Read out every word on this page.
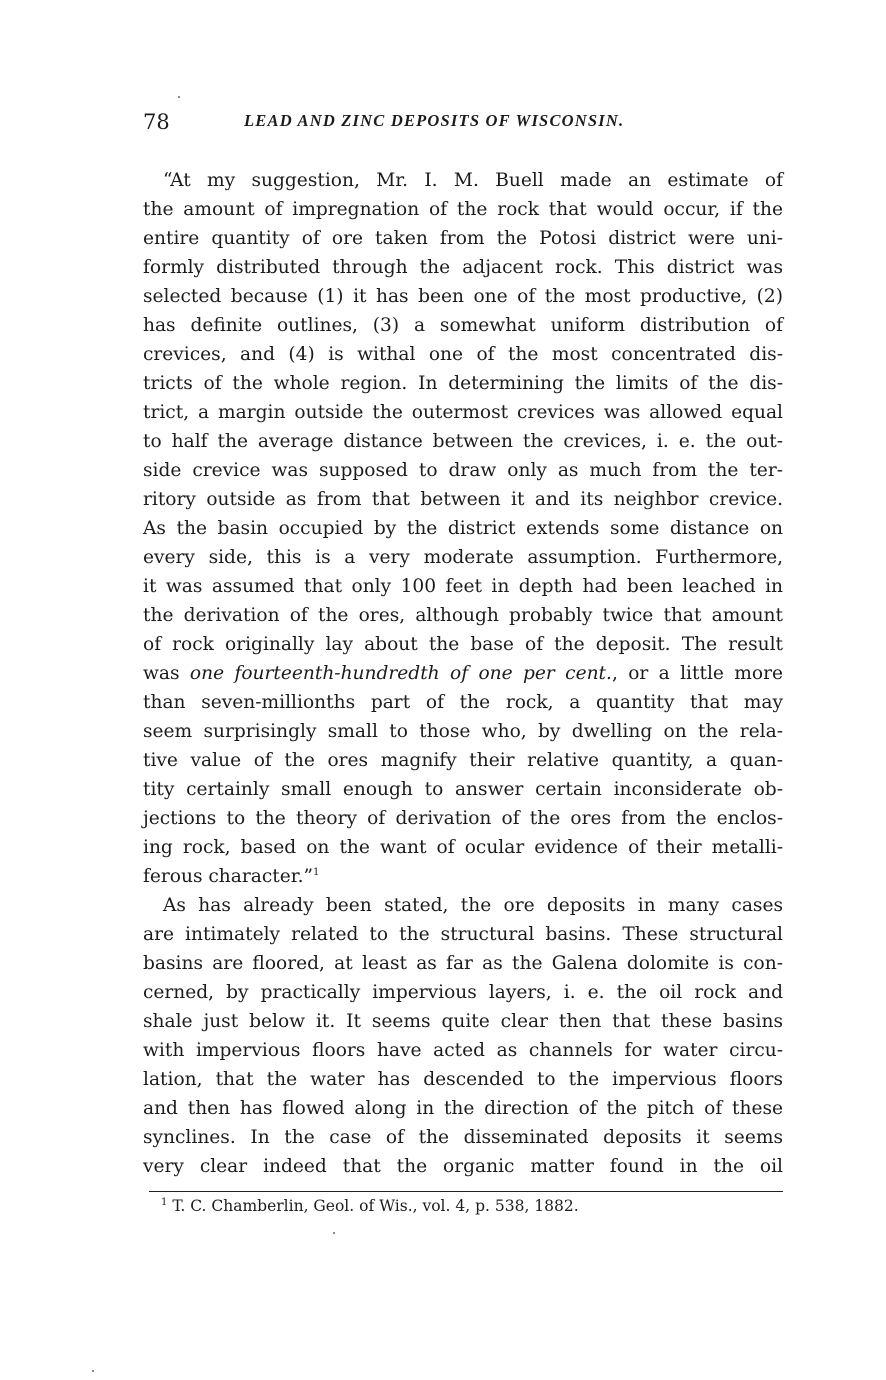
78	LEAD AND ZINC DEPOSITS OF WISCONSIN.
“At my suggestion, Mr. I. M. Buell made an estimate of
the amount of impregnation of the rock that would occur, if the
entire quantity of ore taken from the Potosi district were uni-
formly distributed through the adjacent rock. This district was
selected because (1) it has been one of the most productive, (2)
has definite outlines, (3) a somewhat uniform distribution of
crevices, and (4) is withal one of the most concentrated dis-
tricts of the whole region. In determining the limits of the dis-
trict, a margin outside the outermost crevices was allowed equal
to half the average distance between the crevices, i. e. the out-
side crevice was supposed to draw only as much from the ter-
ritory outside as from that between it and its neighbor crevice.
As the basin occupied by the district extends some distance on
every side, this is a very moderate assumption. Furthermore,
it was assumed that only 100 feet in depth had been leached in
the derivation of the ores, although probably twice that amount
of rock originally lay about the base of the deposit. The result
was one fourteenth-hundredth of one per cent., or a little more
than seven-millionths part of the rock, a quantity that may
seem surprisingly small to those who, by dwelling on the rela-
tive value of the ores magnify their relative quantity, a quan-
tity certainly small enough to answer certain inconsiderate ob-
jections to the theory of derivation of the ores from the enclos-
ing rock, based on the want of ocular evidence of their metalli-
ferous character.”$^1$
As has already been stated, the ore deposits in many cases
are intimately related to the structural basins. These structural
basins are floored, at least as far as the Galena dolomite is con-
cerned, by practically impervious layers, i. e. the oil rock and
shale just below it. It seems quite clear then that these basins
with impervious floors have acted as channels for water circu-
lation, that the water has descended to the impervious floors
and then has flowed along in the direction of the pitch of these
synclines. In the case of the disseminated deposits it seems
very clear indeed that the organic matter found in the oil
$^1$ T. C. Chamberlin, Geol. of Wis., vol. 4, p. 538, 1882.
